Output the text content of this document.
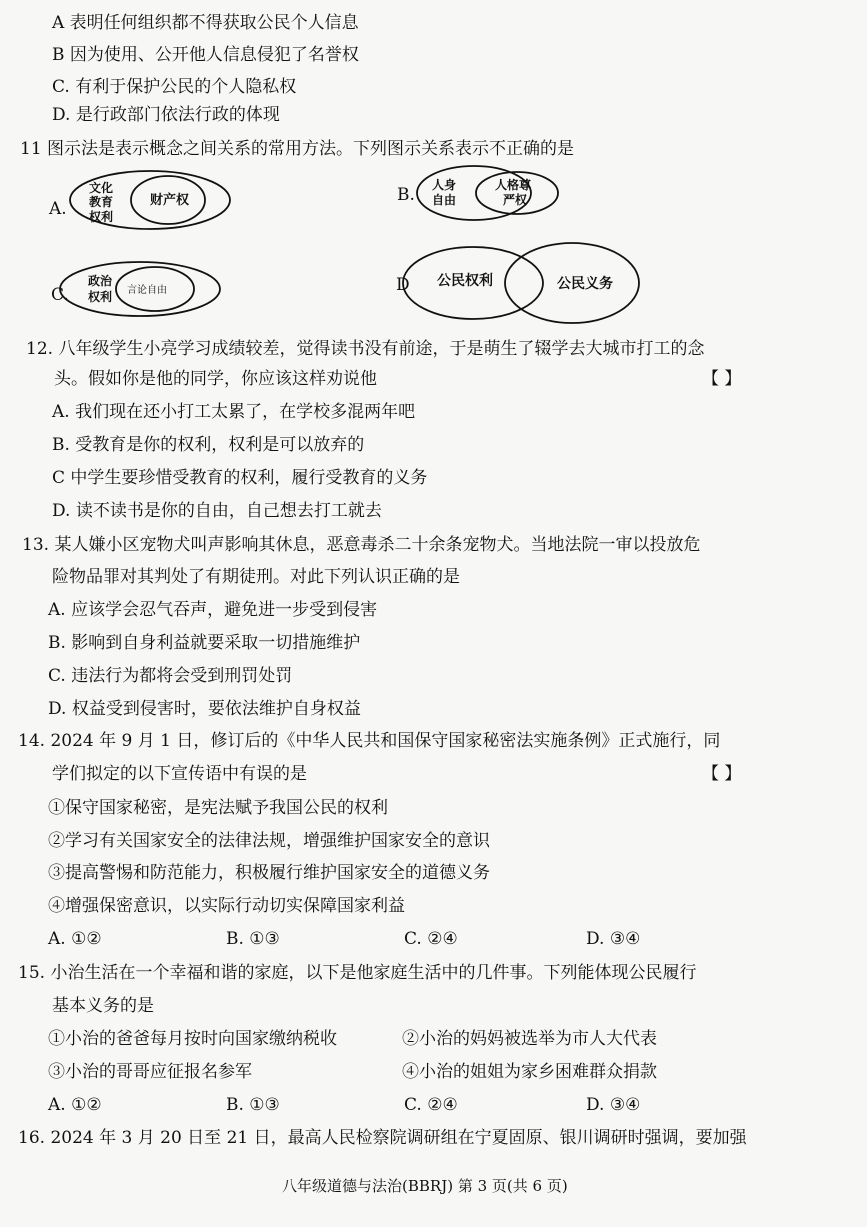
A 表明任何组织都不得获取公民个人信息
B 因为使用、公开他人信息侵犯了名誉权
C. 有利于保护公民的个人隐私权
D. 是行政部门依法行政的体现
11 图示法是表示概念之间关系的常用方法。下列图示关系表示不正确的是
A.
文化
教育
权利
财产权	B. 人身
自由
人格尊
严权
C.
政治
权利 言论自由	D 公民权利	公民义务
12. 八年级学生小亮学习成绩较差，觉得读书没有前途，于是萌生了辍学去大城市打工的念
头。假如你是他的同学，你应该这样劝说他	【 】
A. 我们现在还小打工太累了，在学校多混两年吧
B. 受教育是你的权利，权利是可以放弃的
C 中学生要珍惜受教育的权利，履行受教育的义务
D. 读不读书是你的自由，自己想去打工就去
13. 某人嫌小区宠物犬叫声影响其休息，恶意毒杀二十余条宠物犬。当地法院一审以投放危
险物品罪对其判处了有期徒刑。对此下列认识正确的是
A. 应该学会忍气吞声，避免进一步受到侵害
B. 影响到自身利益就要采取一切措施维护
C. 违法行为都将会受到刑罚处罚
D. 权益受到侵害时，要依法维护自身权益
14. 2024 年 9 月 1 日，修订后的《中华人民共和国保守国家秘密法实施条例》正式施行，同
学们拟定的以下宣传语中有误的是	【 】
①保守国家秘密，是宪法赋予我国公民的权利
②学习有关国家安全的法律法规，增强维护国家安全的意识
③提高警惕和防范能力，积极履行维护国家安全的道德义务
④增强保密意识，以实际行动切实保障国家利益
A. ①②	B. ①③	C. ②④	D. ③④
15. 小治生活在一个幸福和谐的家庭，以下是他家庭生活中的几件事。下列能体现公民履行
基本义务的是
①小治的爸爸每月按时向国家缴纳税收	②小治的妈妈被选举为市人大代表
③小治的哥哥应征报名参军	④小治的姐姐为家乡困难群众捐款
A. ①②	B. ①③	C. ②④	D. ③④
16. 2024 年 3 月 20 日至 21 日，最高人民检察院调研组在宁夏固原、银川调研时强调，要加强
八年级道德与法治(BBRJ) 第 3 页(共 6 页)
